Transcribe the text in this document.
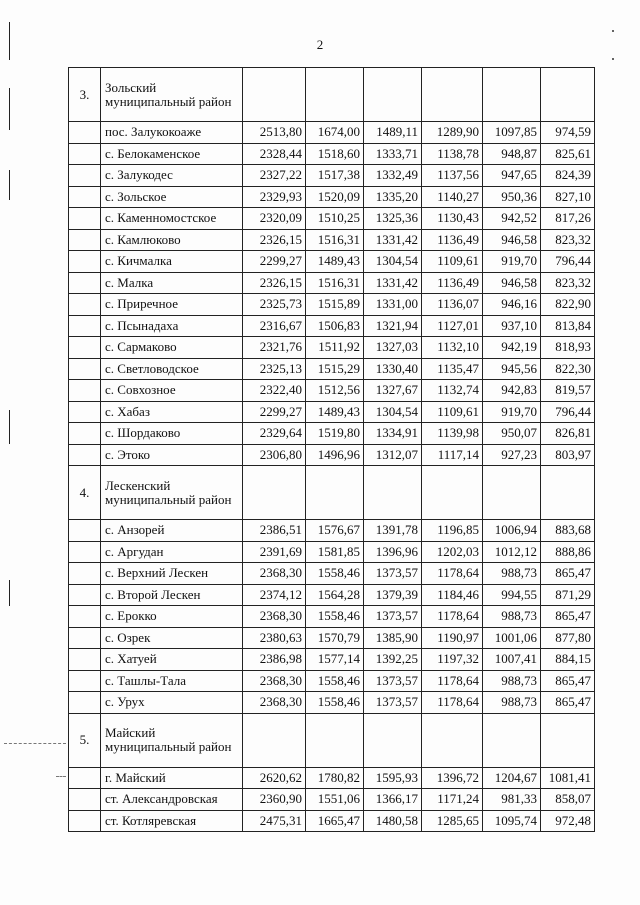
2
3.	Зольский муниципальный район						
	пос. Залукокоаже	2513,80	1674,00	1489,11	1289,90	1097,85	974,59
	с. Белокаменское	2328,44	1518,60	1333,71	1138,78	948,87	825,61
	с. Залукодес	2327,22	1517,38	1332,49	1137,56	947,65	824,39
	с. Зольское	2329,93	1520,09	1335,20	1140,27	950,36	827,10
	с. Каменномостское	2320,09	1510,25	1325,36	1130,43	942,52	817,26
	с. Камлюково	2326,15	1516,31	1331,42	1136,49	946,58	823,32
	с. Кичмалка	2299,27	1489,43	1304,54	1109,61	919,70	796,44
	с. Малка	2326,15	1516,31	1331,42	1136,49	946,58	823,32
	с. Приречное	2325,73	1515,89	1331,00	1136,07	946,16	822,90
	с. Псынадаха	2316,67	1506,83	1321,94	1127,01	937,10	813,84
	с. Сармаково	2321,76	1511,92	1327,03	1132,10	942,19	818,93
	с. Светловодское	2325,13	1515,29	1330,40	1135,47	945,56	822,30
	с. Совхозное	2322,40	1512,56	1327,67	1132,74	942,83	819,57
	с. Хабаз	2299,27	1489,43	1304,54	1109,61	919,70	796,44
	с. Шордаково	2329,64	1519,80	1334,91	1139,98	950,07	826,81
	с. Этоко	2306,80	1496,96	1312,07	1117,14	927,23	803,97
4.	Лескенский муниципальный район						
	с. Анзорей	2386,51	1576,67	1391,78	1196,85	1006,94	883,68
	с. Аргудан	2391,69	1581,85	1396,96	1202,03	1012,12	888,86
	с. Верхний Лескен	2368,30	1558,46	1373,57	1178,64	988,73	865,47
	с. Второй Лескен	2374,12	1564,28	1379,39	1184,46	994,55	871,29
	с. Ерокко	2368,30	1558,46	1373,57	1178,64	988,73	865,47
	с. Озрек	2380,63	1570,79	1385,90	1190,97	1001,06	877,80
	с. Хатуей	2386,98	1577,14	1392,25	1197,32	1007,41	884,15
	с. Ташлы-Тала	2368,30	1558,46	1373,57	1178,64	988,73	865,47
	с. Урух	2368,30	1558,46	1373,57	1178,64	988,73	865,47
5.	Майский муниципальный район						
	г. Майский	2620,62	1780,82	1595,93	1396,72	1204,67	1081,41
	ст. Александровская	2360,90	1551,06	1366,17	1171,24	981,33	858,07
	ст. Котляревская	2475,31	1665,47	1480,58	1285,65	1095,74	972,48
